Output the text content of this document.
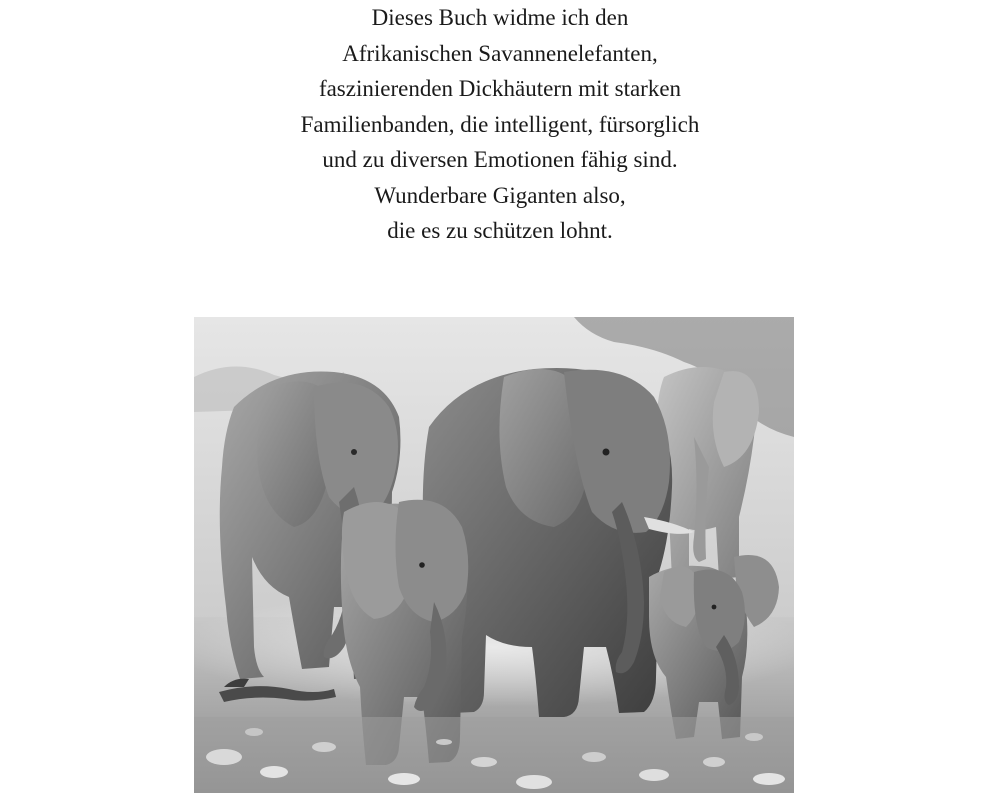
Dieses Buch widme ich den
Afrikanischen Savannenelefanten,
faszinierenden Dickhäutern mit starken
Familienbanden, die intelligent, fürsorglich
und zu diversen Emotionen fähig sind.
Wunderbare Giganten also,
die es zu schützen lohnt.
